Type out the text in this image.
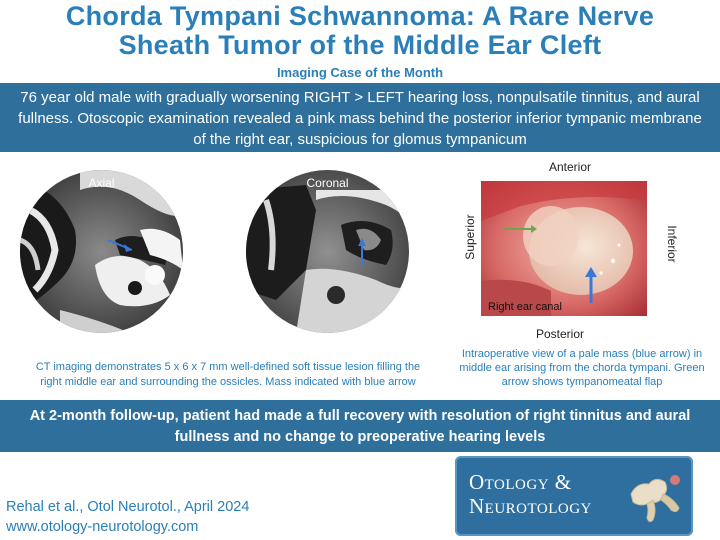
Chorda Tympani Schwannoma: A Rare Nerve
Sheath Tumor of the Middle Ear Cleft
Imaging Case of the Month
76 year old male with gradually worsening RIGHT > LEFT hearing loss, nonpulsatile tinnitus, and aural fullness. Otoscopic examination revealed a pink mass behind the posterior inferior tympanic membrane of the right ear, suspicious for glomus tympanicum
Axial	Coronal
CT imaging demonstrates 5 x 6 x 7 mm well-defined soft tissue lesion filling the right middle ear and surrounding the ossicles. Mass indicated with blue arrow
Anterior
Superior	Inferior
Right ear canal
Posterior
Intraoperative view of a pale mass (blue arrow) in middle ear arising from the chorda tympani. Green arrow shows tympanomeatal flap
At 2-month follow-up, patient had made a full recovery with resolution of right tinnitus and aural fullness and no change to preoperative hearing levels
Rehal et al., Otol Neurotol., April 2024
www.otology-neurotology.com
Otology &
Neurotology
